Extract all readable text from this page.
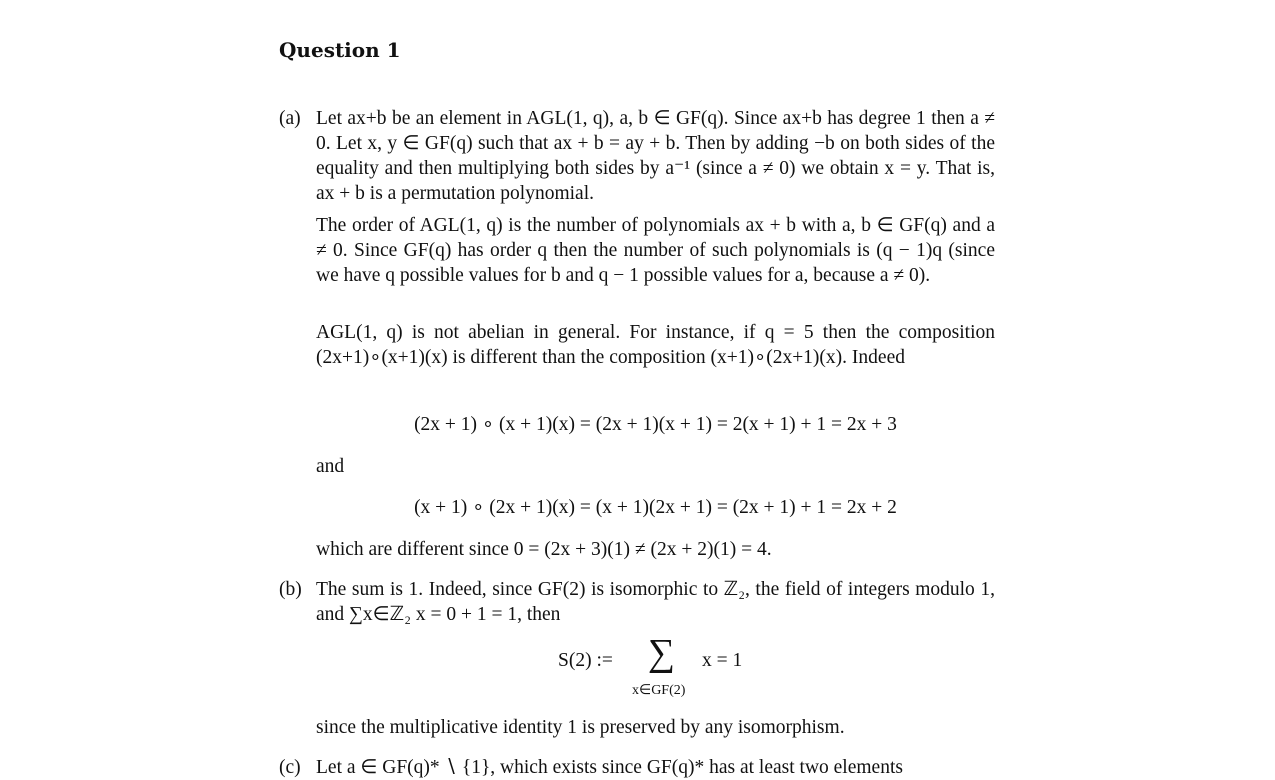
Question 1
(a) Let ax+b be an element in AGL(1, q), a, b ∈ GF(q). Since ax+b has degree 1 then a ≠ 0. Let x, y ∈ GF(q) such that ax + b = ay + b. Then by adding −b on both sides of the equality and then multiplying both sides by a⁻¹ (since a ≠ 0) we obtain x = y. That is, ax + b is a permutation polynomial.

The order of AGL(1, q) is the number of polynomials ax + b with a, b ∈ GF(q) and a ≠ 0. Since GF(q) has order q then the number of such polynomials is (q − 1)q (since we have q possible values for b and q − 1 possible values for a, because a ≠ 0).

AGL(1, q) is not abelian in general. For instance, if q = 5 then the composition (2x+1)∘(x+1)(x) is different than the composition (x+1)∘(2x+1)(x). Indeed

(2x + 1) ∘ (x + 1)(x) = (2x + 1)(x + 1) = 2(x + 1) + 1 = 2x + 3

and

(x + 1) ∘ (2x + 1)(x) = (x + 1)(2x + 1) = (2x + 1) + 1 = 2x + 2

which are different since 0 = (2x + 3)(1) ≠ (2x + 2)(1) = 4.

(b) The sum is 1. Indeed, since GF(2) is isomorphic to ℤ₂, the field of integers modulo 1, and ∑x∈ℤ₂ x = 0 + 1 = 1, then

S(2) := ∑
x∈GF(2)
x = 1

since the multiplicative identity 1 is preserved by any isomorphism.

(c) Let a ∈ GF(q)* ∖ {1}, which exists since GF(q)* has at least two elements
